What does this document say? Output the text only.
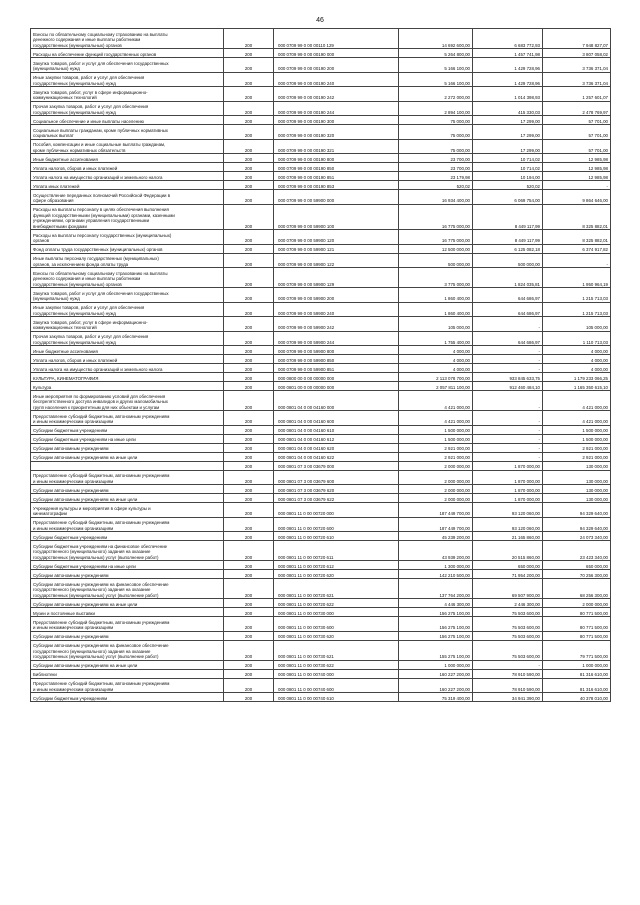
46
Взносы по обязательному социальному страхованию на выплаты
денежного содержания и иные выплаты работникам
государственных (муниципальных) органов	200	000 0709 99 0 00 00110 129	14 692 600,00	6 683 772,93	7 948 827,07
Расходы на обеспечение функций государственных органов	200	000 0709 99 0 00 00190 000	5 264 800,00	1 457 741,98	3 807 058,02
Закупка товаров, работ и услуг для обеспечения государственных
(муниципальных) нужд	200	000 0709 99 0 00 00190 200	5 166 100,00	1 429 728,96	3 736 371,04
Иные закупки товаров, работ и услуг для обеспечения
государственных (муниципальных) нужд	200	000 0709 99 0 00 00190 240	5 166 100,00	1 429 728,96	3 736 371,04
Закупка товаров, работ, услуг в сфере информационно-
коммуникационных технологий	200	000 0709 99 0 00 00190 242	2 272 000,00	1 014 398,93	1 257 601,07
Прочая закупка товаров, работ и услуг для обеспечения
государственных (муниципальных) нужд	200	000 0709 99 0 00 00190 244	2 894 100,00	415 330,03	2 478 769,97
Социальное обеспечение и иные выплаты населению	200	000 0709 99 0 00 00190 300	75 000,00	17 299,00	57 701,00
Социальные выплаты гражданам, кроме публичных нормативных
социальных выплат	200	000 0709 99 0 00 00190 320	75 000,00	17 299,00	57 701,00
Пособия, компенсации и иные социальные выплаты гражданам,
кроме публичных нормативных обязательств	200	000 0709 99 0 00 00190 321	75 000,00	17 299,00	57 701,00
Иные бюджетные ассигнования	200	000 0709 99 0 00 00190 800	23 700,00	10 714,02	12 985,98
Уплата налогов, сборов и иных платежей	200	000 0709 99 0 00 00190 850	23 700,00	10 714,02	12 985,98
Уплата налога на имущество организаций и земельного налога	200	000 0709 99 0 00 00190 851	23 179,98	10 194,00	12 985,98
Уплата иных платежей	200	000 0709 99 0 00 00190 853	520,02	520,02	-
Осуществление переданных полномочий Российской Федерации в
сфере образования	200	000 0709 99 0 00 59900 000	16 934 400,00	6 069 754,00	9 864 646,00
Расходы на выплаты персоналу в целях обеспечения выполнения
функций государственными (муниципальными) органами, казенными
учреждениями, органами управления государственными
внебюджетными фондами	200	000 0709 99 0 00 59900 100	16 775 000,00	8 449 117,99	8 325 882,01
Расходы на выплаты персоналу государственных (муниципальных)
органов	200	000 0709 99 0 00 59900 120	16 775 000,00	8 449 117,99	8 325 882,01
Фонд оплаты труда государственных (муниципальных) органов	200	000 0709 99 0 00 59900 121	12 500 000,00	6 125 082,18	6 374 917,82
Иные выплаты персоналу государственных (муниципальных)
органов, за исключением фонда оплаты труда	200	000 0709 99 0 00 59900 122	500 000,00	500 000,00	-
Взносы по обязательному социальному страхованию на выплаты
денежного содержания и иные выплаты работникам
государственных (муниципальных) органов	200	000 0709 99 0 00 59900 129	3 775 000,00	1 824 035,81	1 950 964,19
Закупка товаров, работ и услуг для обеспечения государственных
(муниципальных) нужд	200	000 0709 99 0 00 59900 200	1 860 400,00	644 686,97	1 215 713,03
Иные закупки товаров, работ и услуг для обеспечения
государственных (муниципальных) нужд	200	000 0709 99 0 00 59900 240	1 860 400,00	644 686,97	1 215 713,03
Закупка товаров, работ, услуг в сфере информационно-
коммуникационных технологий	200	000 0709 99 0 00 59900 242	105 000,00	-	105 000,00
Прочая закупка товаров, работ и услуг для обеспечения
государственных (муниципальных) нужд	200	000 0709 99 0 00 59900 244	1 755 400,00	644 686,97	1 110 713,03
Иные бюджетные ассигнования	200	000 0709 99 0 00 59900 800	4 000,00	-	4 000,00
Уплата налогов, сборов и иных платежей	200	000 0709 99 0 00 59900 850	4 000,00	-	4 000,00
Уплата налога на имущество организаций и земельного налога	200	000 0709 99 0 00 59900 851	4 000,00	-	4 000,00
КУЛЬТУРА, КИНЕМАТОГРАФИЯ	200	000 0800 00 0 00 00000 000	2 113 078 700,00	933 845 633,75	1 179 233 066,25
Культура	200	000 0801 00 0 00 00000 000	2 057 811 100,00	912 460 484,10	1 165 350 615,10
Иные мероприятия по формированию условий для обеспечения
беспрепятственного доступа инвалидов и других маломобильных
групп населения к приоритетным для них объектам и услугам	200	000 0801 04 0 00 04160 000	4 421 000,00	-	4 421 000,00
Предоставление субсидий бюджетным, автономным учреждениям
и иным некоммерческим организациям	200	000 0801 04 0 00 04160 600	4 421 000,00	-	4 421 000,00
Субсидии бюджетным учреждениям	200	000 0801 04 0 00 04160 610	1 500 000,00	-	1 500 000,00
Субсидии бюджетным учреждениям на иные цели	200	000 0801 04 0 00 04160 612	1 500 000,00	-	1 500 000,00
Субсидии автономным учреждениям	200	000 0801 04 0 00 04160 620	2 921 000,00	-	2 921 000,00
Субсидии автономным учреждениям на иные цели	200	000 0801 04 0 00 04160 622	2 921 000,00	-	2 921 000,00
	200	000 0801 07 3 00 03679 000	2 000 000,00	1 870 000,00	130 000,00
Предоставление субсидий бюджетным, автономным учреждениям
и иным некоммерческим организациям	200	000 0801 07 3 00 03679 600	2 000 000,00	1 870 000,00	130 000,00
Субсидии автономным учреждениям	200	000 0801 07 3 00 03679 620	2 000 000,00	1 870 000,00	130 000,00
Субсидии автономным учреждениям на иные цели	200	000 0801 07 3 00 03679 622	2 000 000,00	1 870 000,00	130 000,00
Учреждения культуры и мероприятия в сфере культуры и
кинематографии	200	000 0801 11 0 00 00720 000	187 449 700,00	93 120 060,00	94 329 640,00
Предоставление субсидий бюджетным, автономным учреждениям
и иным некоммерческим организациям	200	000 0801 11 0 00 00720 600	187 449 700,00	93 120 060,00	94 329 640,00
Субсидии бюджетным учреждениям	200	000 0801 11 0 00 00720 610	45 239 200,00	21 165 860,00	24 073 340,00
Субсидии бюджетным учреждениям на финансовое обеспечение
государственного (муниципального) задания на оказание
государственных (муниципальных) услуг (выполнение работ)	200	000 0801 11 0 00 00720 611	43 939 200,00	20 515 860,00	23 423 340,00
Субсидии бюджетным учреждениям на иные цели	200	000 0801 11 0 00 00720 612	1 300 000,00	650 000,00	650 000,00
Субсидии автономным учреждениям	200	000 0801 11 0 00 00720 620	142 210 500,00	71 954 200,00	70 256 300,00
Субсидии автономным учреждениям на финансовое обеспечение
государственного (муниципального) задания на оказание
государственных (муниципальных) услуг (выполнение работ)	200	000 0801 11 0 00 00720 621	137 764 200,00	69 507 900,00	68 256 300,00
Субсидии автономным учреждениям на иные цели	200	000 0801 11 0 00 00720 622	4 446 300,00	2 446 300,00	2 000 000,00
Музеи и постоянные выставки	200	000 0801 11 0 00 00730 000	156 275 100,00	75 503 600,00	80 771 500,00
Предоставление субсидий бюджетным, автономным учреждениям
и иным некоммерческим организациям	200	000 0801 11 0 00 00730 600	156 275 100,00	75 503 600,00	80 771 500,00
Субсидии автономным учреждениям	200	000 0801 11 0 00 00730 620	156 275 100,00	75 503 600,00	80 771 500,00
Субсидии автономным учреждениям на финансовое обеспечение
государственного (муниципального) задания на оказание
государственных (муниципальных) услуг (выполнение работ)	200	000 0801 11 0 00 00730 621	155 275 100,00	75 503 600,00	79 771 500,00
Субсидии автономным учреждениям на иные цели	200	000 0801 11 0 00 00730 622	1 000 000,00	-	1 000 000,00
Библиотеки	200	000 0801 11 0 00 00740 000	160 227 200,00	78 910 590,00	81 316 610,00
Предоставление субсидий бюджетным, автономным учреждениям
и иным некоммерческим организациям	200	000 0801 11 0 00 00740 600	160 227 200,00	78 910 590,00	81 316 610,00
Субсидии бюджетным учреждениям	200	000 0801 11 0 00 00740 610	75 319 400,00	34 941 390,00	40 378 010,00
